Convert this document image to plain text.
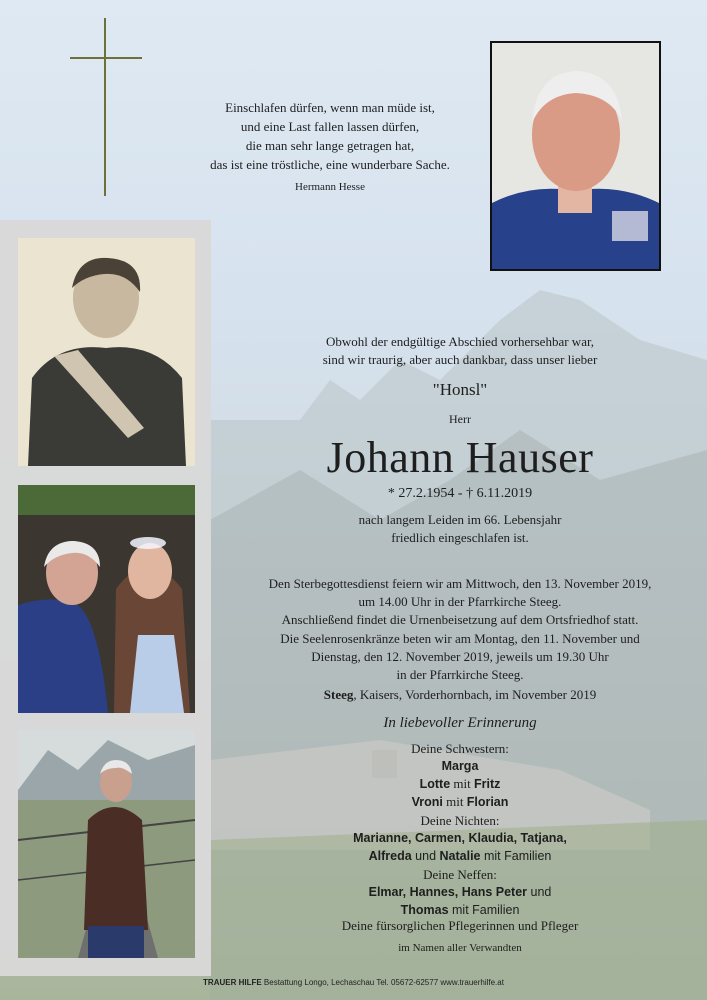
Einschlafen dürfen, wenn man müde ist,
und eine Last fallen lassen dürfen,
die man sehr lange getragen hat,
das ist eine tröstliche, eine wunderbare Sache.
Hermann Hesse
Obwohl der endgültige Abschied vorhersehbar war,
sind wir traurig, aber auch dankbar, dass unser lieber
"Honsl"
Herr
Johann Hauser
* 27.2.1954 - † 6.11.2019
nach langem Leiden im 66. Lebensjahr
friedlich eingeschlafen ist.
Den Sterbegottesdienst feiern wir am Mittwoch, den 13. November 2019,
um 14.00 Uhr in der Pfarrkirche Steeg.
Anschließend findet die Urnenbeisetzung auf dem Ortsfriedhof statt.
Die Seelenrosenkränze beten wir am Montag, den 11. November und
Dienstag, den 12. November 2019, jeweils um 19.30 Uhr
in der Pfarrkirche Steeg.
Steeg, Kaisers, Vorderhornbach, im November 2019
In liebevoller Erinnerung
Deine Schwestern:
Marga
Lotte mit Fritz
Vroni mit Florian
Deine Nichten:
Marianne, Carmen, Klaudia, Tatjana,
Alfreda und Natalie mit Familien
Deine Neffen:
Elmar, Hannes, Hans Peter und
Thomas mit Familien
Deine fürsorglichen Pflegerinnen und Pfleger
im Namen aller Verwandten
TRAUER HILFE Bestattung Longo, Lechaschau Tel. 05672-62577 www.trauerhilfe.at
